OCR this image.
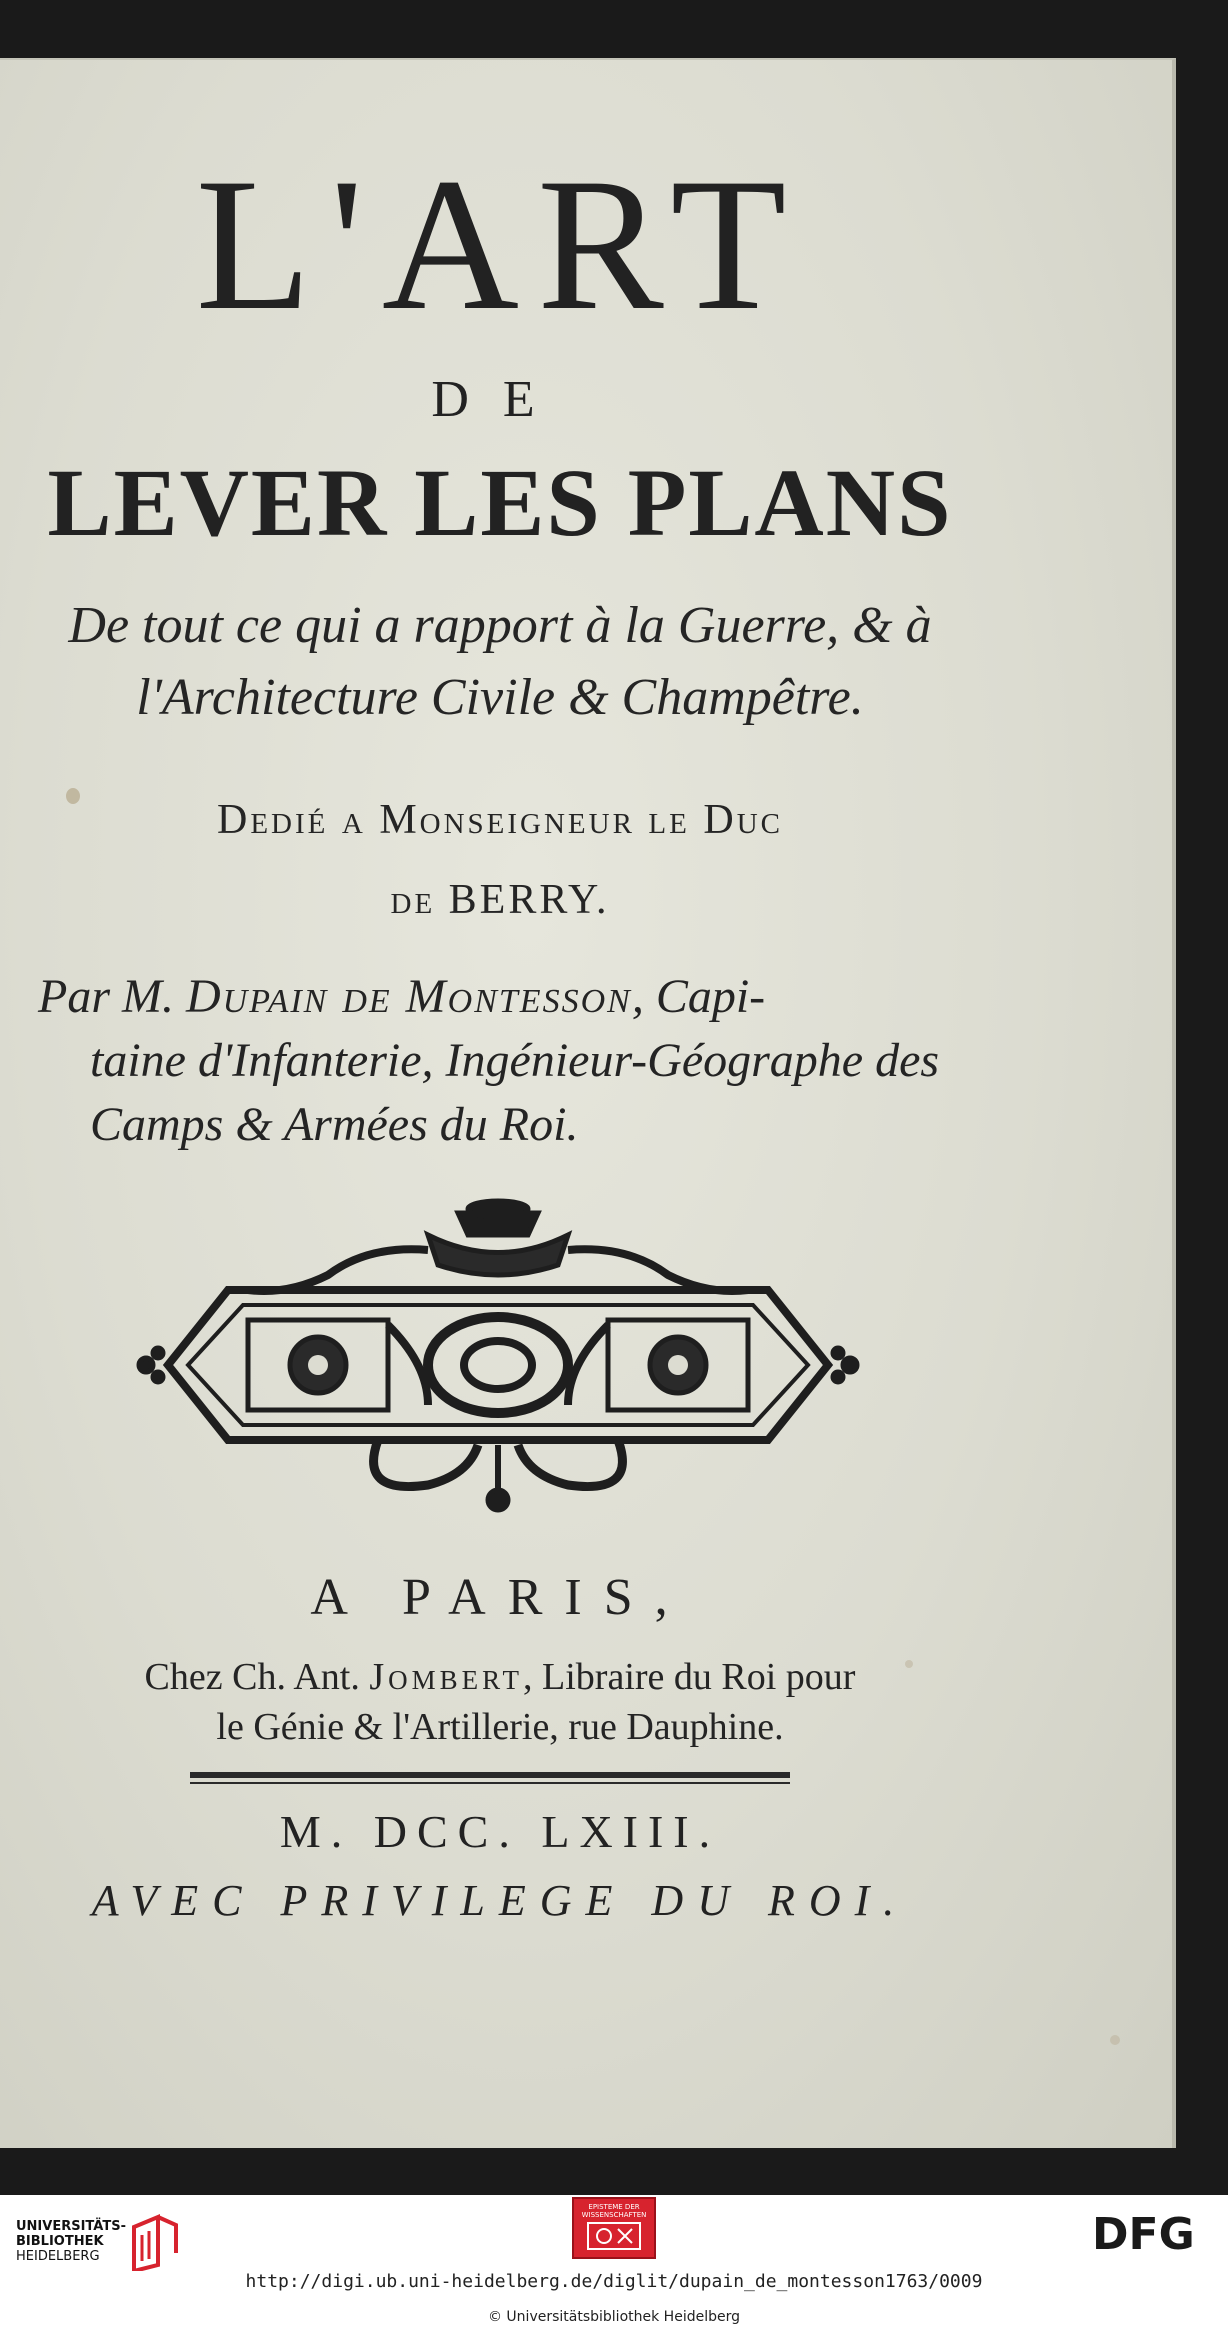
L'ART
DE
LEVER LES PLANS
De tout ce qui a rapport à la Guerre, & à
l'Architecture Civile & Champêtre.
Dedié a Monseigneur le Duc
de BERRY.
Par M. Dupain de Montesson, Capi-
taine d'Infanterie, Ingénieur-Géographe des
Camps & Armées du Roi.
A PARIS,
Chez Ch. Ant. Jombert, Libraire du Roi pour
le Génie & l'Artillerie, rue Dauphine.
M. DCC. LXIII.
AVEC PRIVILEGE DU ROI.
UNIVERSITÄTS-
BIBLIOTHEK
HEIDELBERG
EPISTEME DER WISSENSCHAFTEN	DFG
http://digi.ub.uni-heidelberg.de/diglit/dupain_de_montesson1763/0009
© Universitätsbibliothek Heidelberg
